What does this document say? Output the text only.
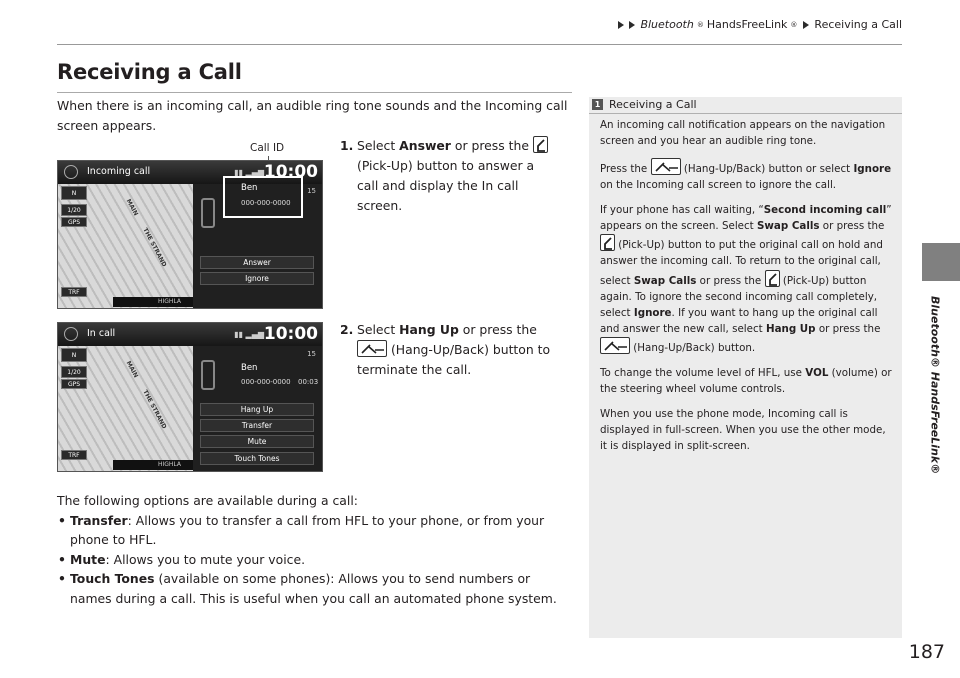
Bluetooth ® HandsFreeLink ® Receiving a Call
Bluetooth® HandsFreeLink®
Receiving a Call

When there is an incoming call, an audible ring tone sounds and the Incoming call screen appears.

1. Select Answer or press the
(Pick-Up) button to answer a call and display the In call screen.
Call ID
Incoming call	▮▮ ▂▄▆ 10:00
MAIN
THE STRAND
N
1/20
GPS
TRF
Ben
000-000-0000
15
Answer
Ignore
HIGHLA
2. Select Hang Up or press the
(Hang-Up/Back) button to terminate the call.
In call	▮▮ ▂▄▆ 10:00
MAIN
THE STRAND
N
1/20
GPS
TRF
Ben
000-000-0000 00:03
15
Hang Up
Transfer
Mute
Touch Tones
HIGHLA
The following options are available during a call:
• Transfer: Allows you to transfer a call from HFL to your phone, or from your phone to HFL.
• Mute: Allows you to mute your voice.
• Touch Tones (available on some phones): Allows you to send numbers or names during a call. This is useful when you call an automated phone system.
1 Receiving a Call

An incoming call notification appears on the navigation screen and you hear an audible ring tone.

Press the	(Hang-Up/Back) button or select Ignore on the Incoming call screen to ignore the call.

If your phone has call waiting, “Second incoming call” appears on the screen. Select Swap Calls or press the
(Pick-Up) button to put the original call on hold and answer the incoming call. To return to the original call, select Swap Calls or press the (Pick-Up) button again. To ignore the second incoming call completely, select Ignore. If you want to hang up the original call and answer the new call, select Hang Up or press the
(Hang-Up/Back) button.

To change the volume level of HFL, use VOL (volume) or the steering wheel volume controls.

When you use the phone mode, Incoming call is displayed in full-screen. When you use the other mode, it is displayed in split-screen.

187
